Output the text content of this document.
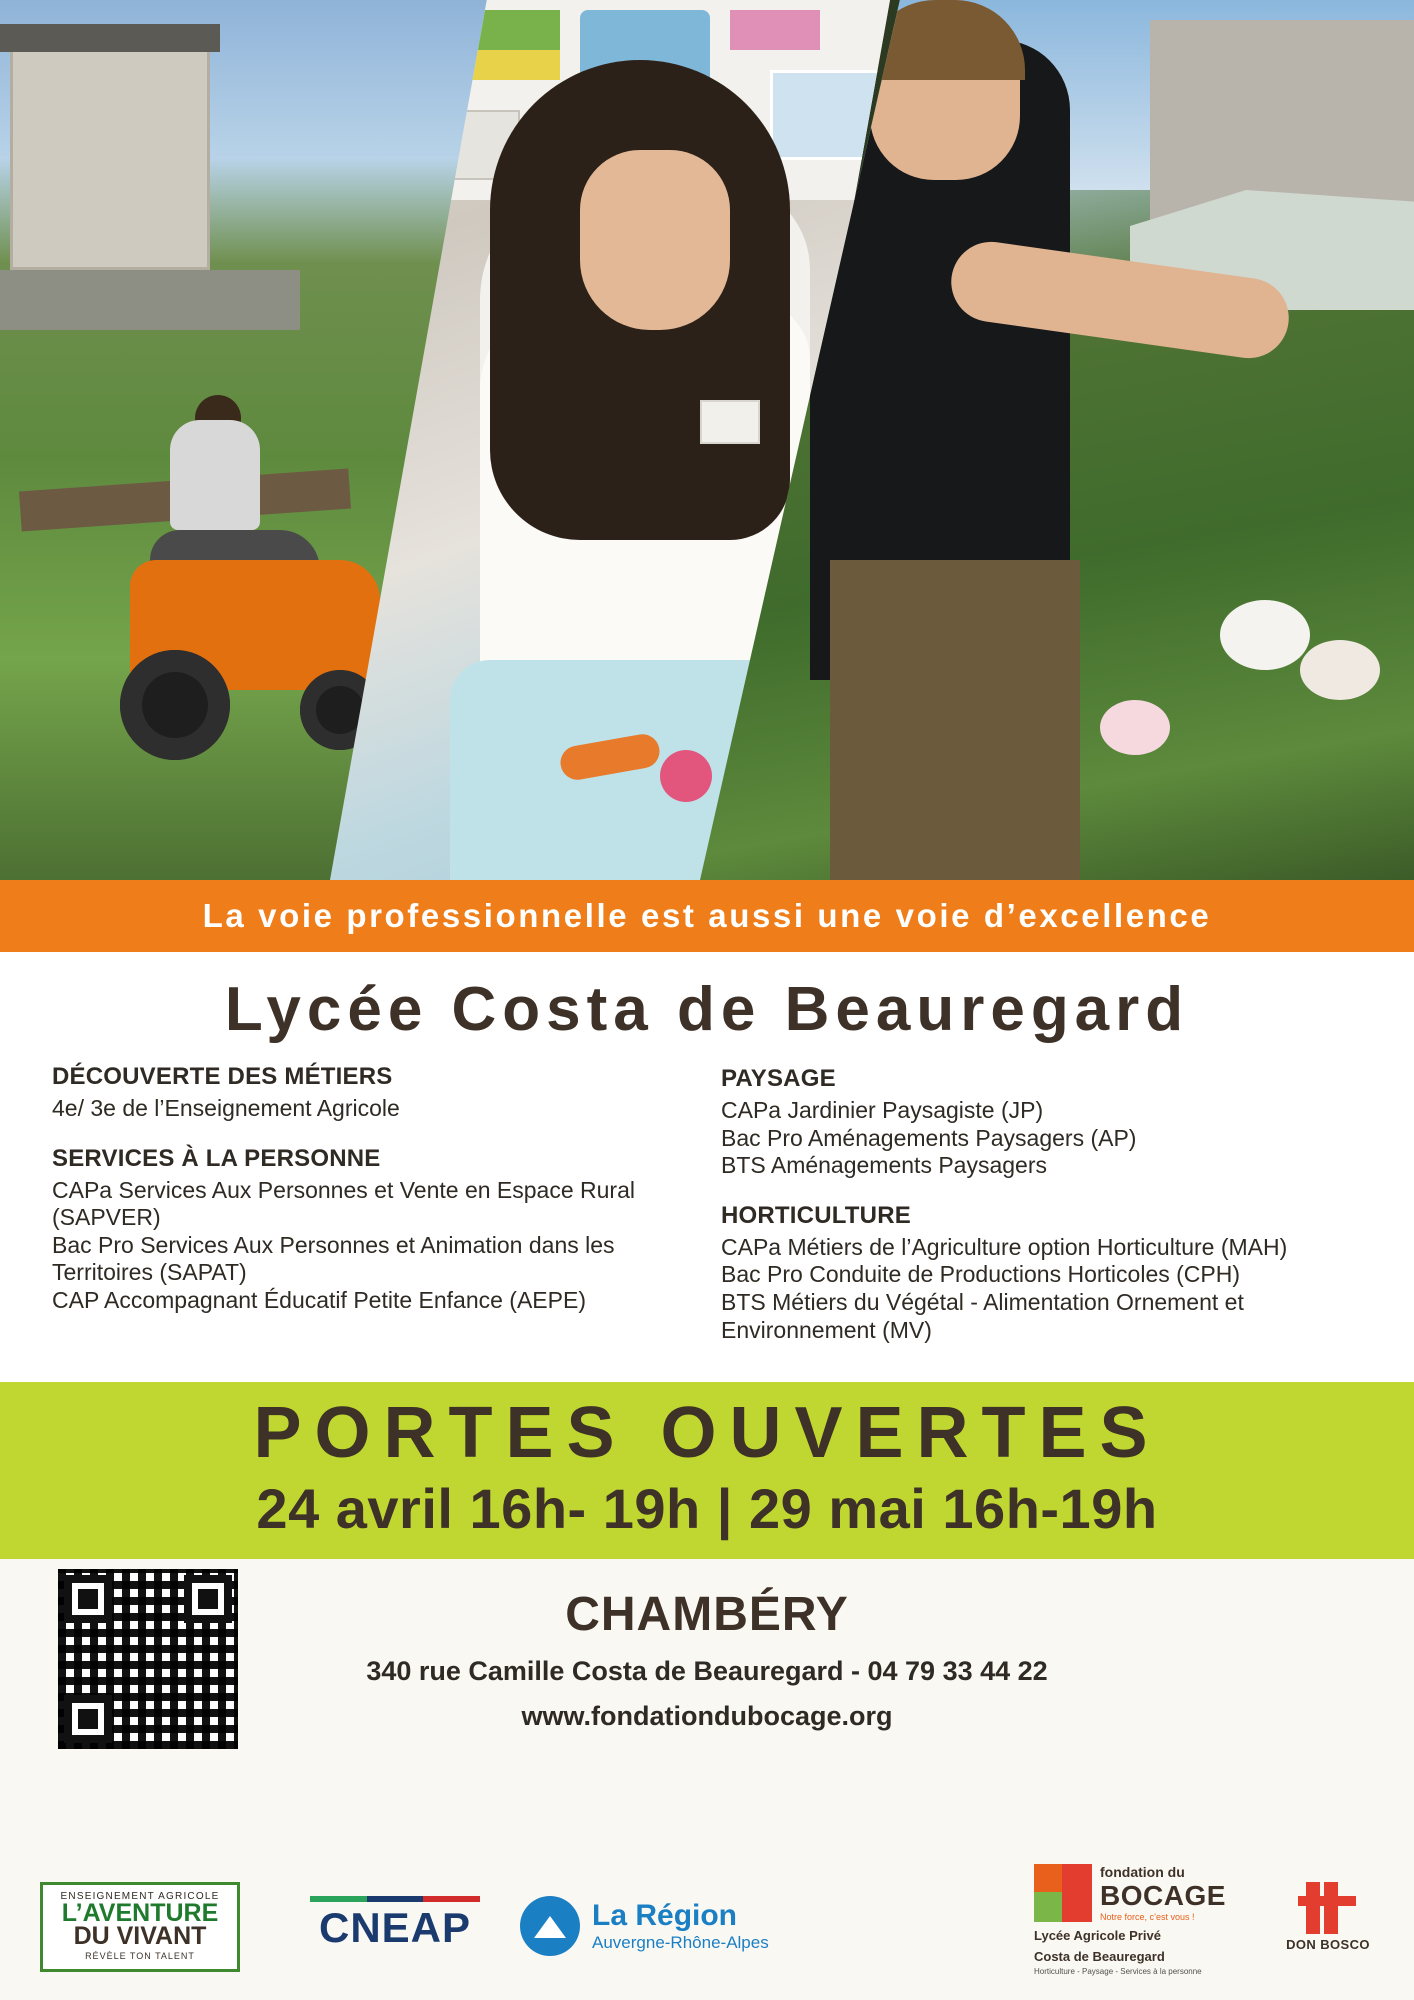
La voie professionnelle est aussi une voie d’excellence
Lycée Costa de Beauregard
DÉCOUVERTE DES MÉTIERS
4e/ 3e de l’Enseignement Agricole
SERVICES À LA PERSONNE
CAPa Services Aux Personnes et Vente en Espace Rural (SAPVER)
Bac Pro Services Aux Personnes et Animation dans les Territoires (SAPAT)
CAP Accompagnant Éducatif Petite Enfance (AEPE)
PAYSAGE
CAPa Jardinier Paysagiste (JP)
Bac Pro Aménagements Paysagers (AP)
BTS Aménagements Paysagers
HORTICULTURE
CAPa Métiers de l’Agriculture option Horticulture (MAH)
Bac Pro Conduite de Productions Horticoles (CPH)
BTS Métiers du Végétal - Alimentation Ornement et Environnement (MV)
PORTES OUVERTES
24 avril 16h- 19h | 29 mai 16h-19h
CHAMBÉRY
340 rue Camille Costa de Beauregard - 04 79 33 44 22
www.fondationdubocage.org
ENSEIGNEMENT AGRICOLE
L’AVENTURE
DU VIVANT
RÉVÈLE TON TALENT
CNEAP	La Région
Auvergne-Rhône-Alpes
fondation du
BOCAGE
Notre force, c’est vous !
Lycée Agricole Privé
Costa de Beauregard
Horticulture - Paysage - Services à la personne
DON BOSCO
